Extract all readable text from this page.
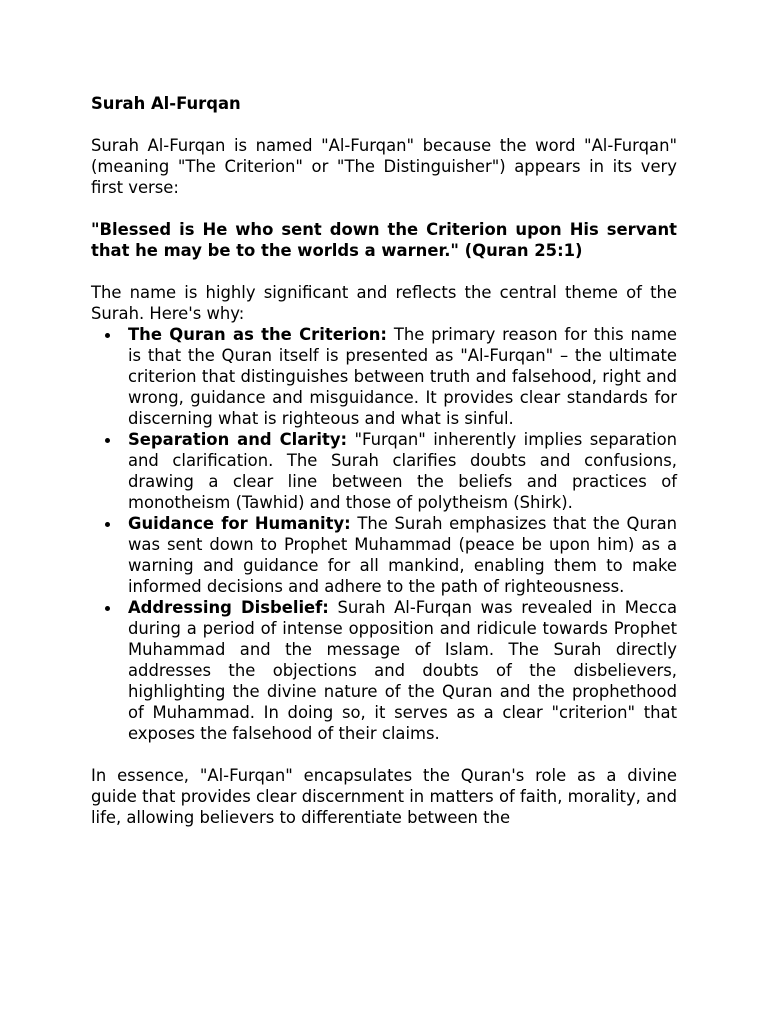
Surah Al-Furqan

Surah Al-Furqan is named "Al-Furqan" because the word "Al-Furqan" (meaning "The Criterion" or "The Distinguisher") appears in its very first verse:

"Blessed is He who sent down the Criterion upon His servant that he may be to the worlds a warner." (Quran 25:1)

The name is highly significant and reflects the central theme of the Surah. Here's why:

The Quran as the Criterion: The primary reason for this name is that the Quran itself is presented as "Al-Furqan" – the ultimate criterion that distinguishes between truth and falsehood, right and wrong, guidance and misguidance. It provides clear standards for discerning what is righteous and what is sinful.
Separation and Clarity: "Furqan" inherently implies separation and clarification. The Surah clarifies doubts and confusions, drawing a clear line between the beliefs and practices of monotheism (Tawhid) and those of polytheism (Shirk).
Guidance for Humanity: The Surah emphasizes that the Quran was sent down to Prophet Muhammad (peace be upon him) as a warning and guidance for all mankind, enabling them to make informed decisions and adhere to the path of righteousness.
Addressing Disbelief: Surah Al-Furqan was revealed in Mecca during a period of intense opposition and ridicule towards Prophet Muhammad and the message of Islam. The Surah directly addresses the objections and doubts of the disbelievers, highlighting the divine nature of the Quran and the prophethood of Muhammad. In doing so, it serves as a clear "criterion" that exposes the falsehood of their claims.

In essence, "Al-Furqan" encapsulates the Quran's role as a divine guide that provides clear discernment in matters of faith, morality, and life, allowing believers to differentiate between the
